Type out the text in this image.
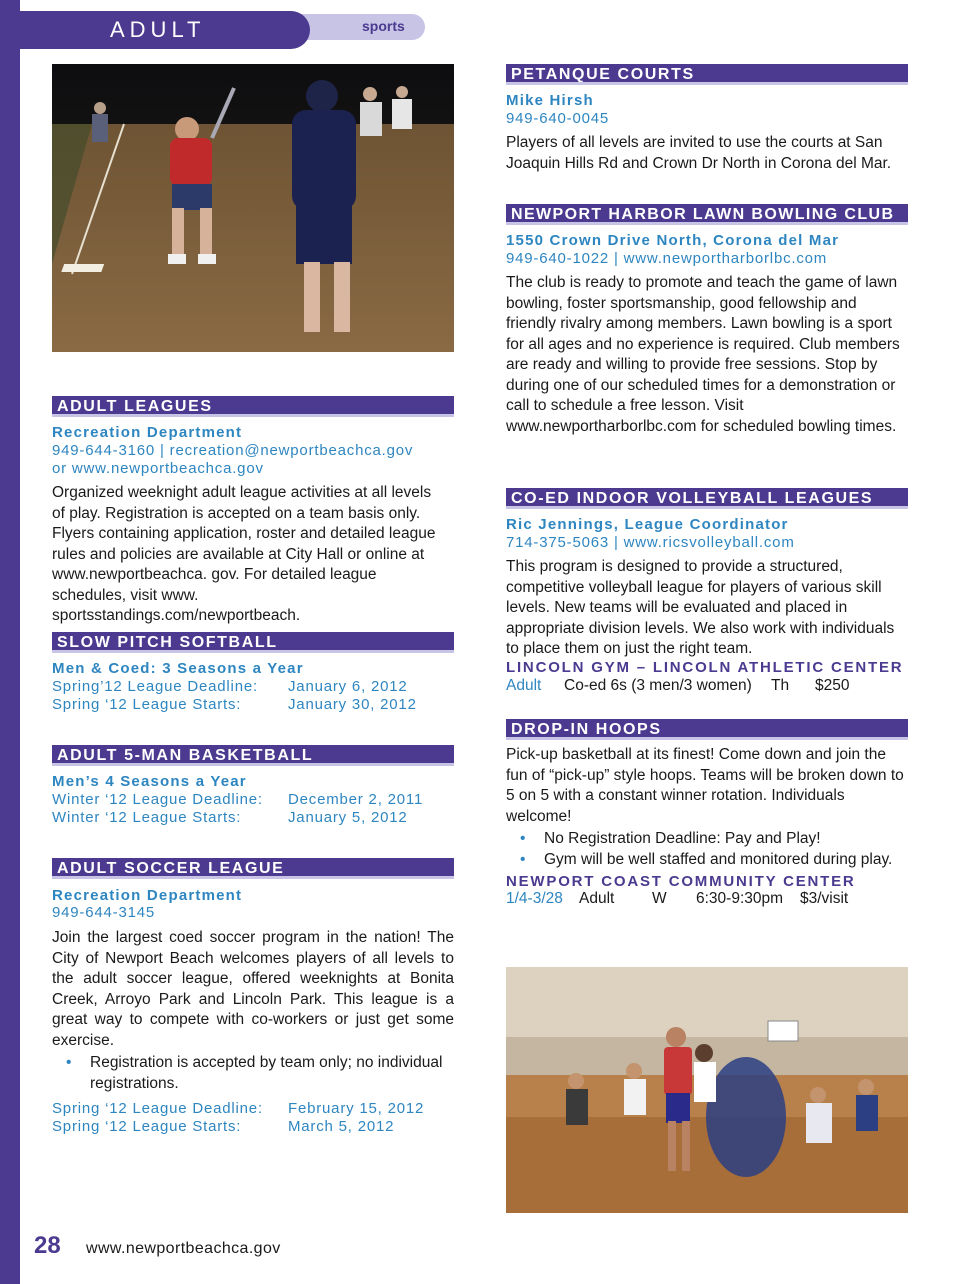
sports
ADULT
ADULT LEAGUES
Recreation Department
949-644-3160 | recreation@newportbeachca.gov
or www.newportbeachca.gov
Organized weeknight adult league activities at all levels of play. Registration is accepted on a team basis only. Flyers containing application, roster and detailed league rules and policies are available at City Hall or online at www.newportbeachca. gov. For detailed league schedules, visit www. sportsstandings.com/newportbeach.
SLOW PITCH SOFTBALL
Men & Coed: 3 Seasons a Year
Spring’12 League Deadline:	January 6, 2012
Spring ‘12 League Starts:	January 30, 2012
ADULT 5-MAN BASKETBALL
Men’s 4 Seasons a Year
Winter ‘12 League Deadline:	December 2, 2011
Winter ‘12 League Starts:	January 5, 2012
ADULT SOCCER LEAGUE
Recreation Department
949-644-3145
Join the largest coed soccer program in the nation! The City of Newport Beach welcomes players of all levels to the adult soccer league, offered weeknights at Bonita Creek, Arroyo Park and Lincoln Park. This league is a great way to compete with co-workers or just get some exercise.
• Registration is accepted by team only; no individual registrations.
Spring ‘12 League Deadline:	February 15, 2012
Spring ‘12 League Starts:	March 5, 2012
PETANQUE COURTS
Mike Hirsh
949-640-0045
Players of all levels are invited to use the courts at San Joaquin Hills Rd and Crown Dr North in Corona del Mar.
NEWPORT HARBOR LAWN BOWLING CLUB
1550 Crown Drive North, Corona del Mar
949-640-1022 | www.newportharborlbc.com
The club is ready to promote and teach the game of lawn bowling, foster sportsmanship, good fellowship and friendly rivalry among members. Lawn bowling is a sport for all ages and no experience is required. Club members are ready and willing to provide free sessions. Stop by during one of our scheduled times for a demonstration or call to schedule a free lesson. Visit www.newportharborlbc.com for scheduled bowling times.
CO-ED INDOOR VOLLEYBALL LEAGUES
Ric Jennings, League Coordinator
714-375-5063 | www.ricsvolleyball.com
This program is designed to provide a structured, competitive volleyball league for players of various skill levels. New teams will be evaluated and placed in appropriate division levels. We also work with individuals to place them on just the right team.
LINCOLN GYM – LINCOLN ATHLETIC CENTER
Adult Co-ed 6s (3 men/3 women) Th $250
DROP-IN HOOPS
Pick-up basketball at its finest! Come down and join the fun of “pick-up” style hoops. Teams will be broken down to 5 on 5 with a constant winner rotation. Individuals welcome!
• No Registration Deadline: Pay and Play!
• Gym will be well staffed and monitored during play.
NEWPORT COAST COMMUNITY CENTER
1/4-3/28 Adult W 6:30-9:30pm $3/visit
28 www.newportbeachca.gov
